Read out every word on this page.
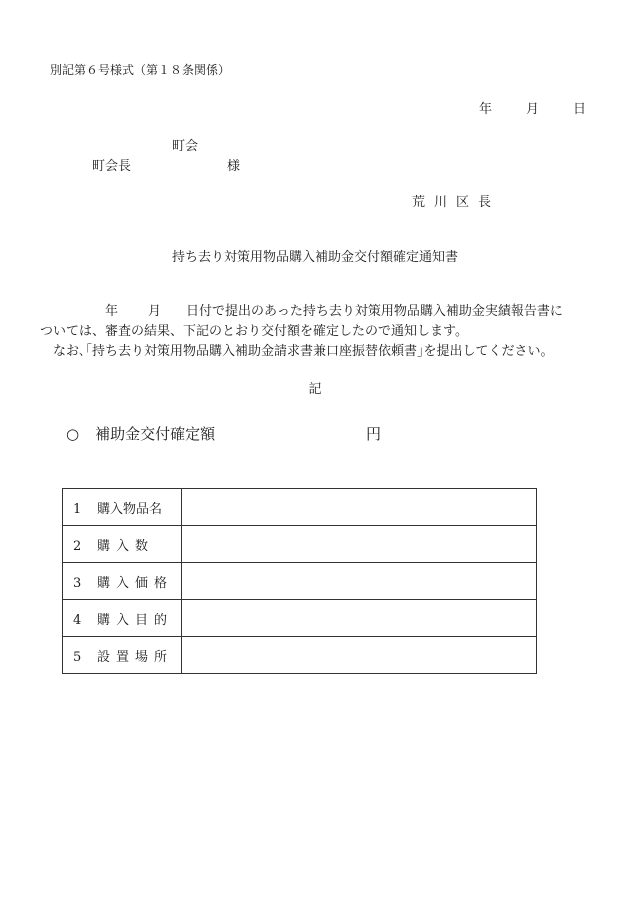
別記第６号様式（第１８条関係）
年	月	日
町会
町会長	様
荒川区長
持ち去り対策用物品購入補助金交付額確定通知書

年 月 日付で提出のあった持ち去り対策用物品購入補助金実績報告書に

ついては、審査の結果、下記のとおり交付額を確定したので通知します。

なお､｢持ち去り対策用物品購入補助金請求書兼口座振替依頼書｣を提出してください。

記
○ 補助金交付確定額	円
1 購入物品名	
2 購入数	
3 購入価格	
4 購入目的	
5 設置場所	
